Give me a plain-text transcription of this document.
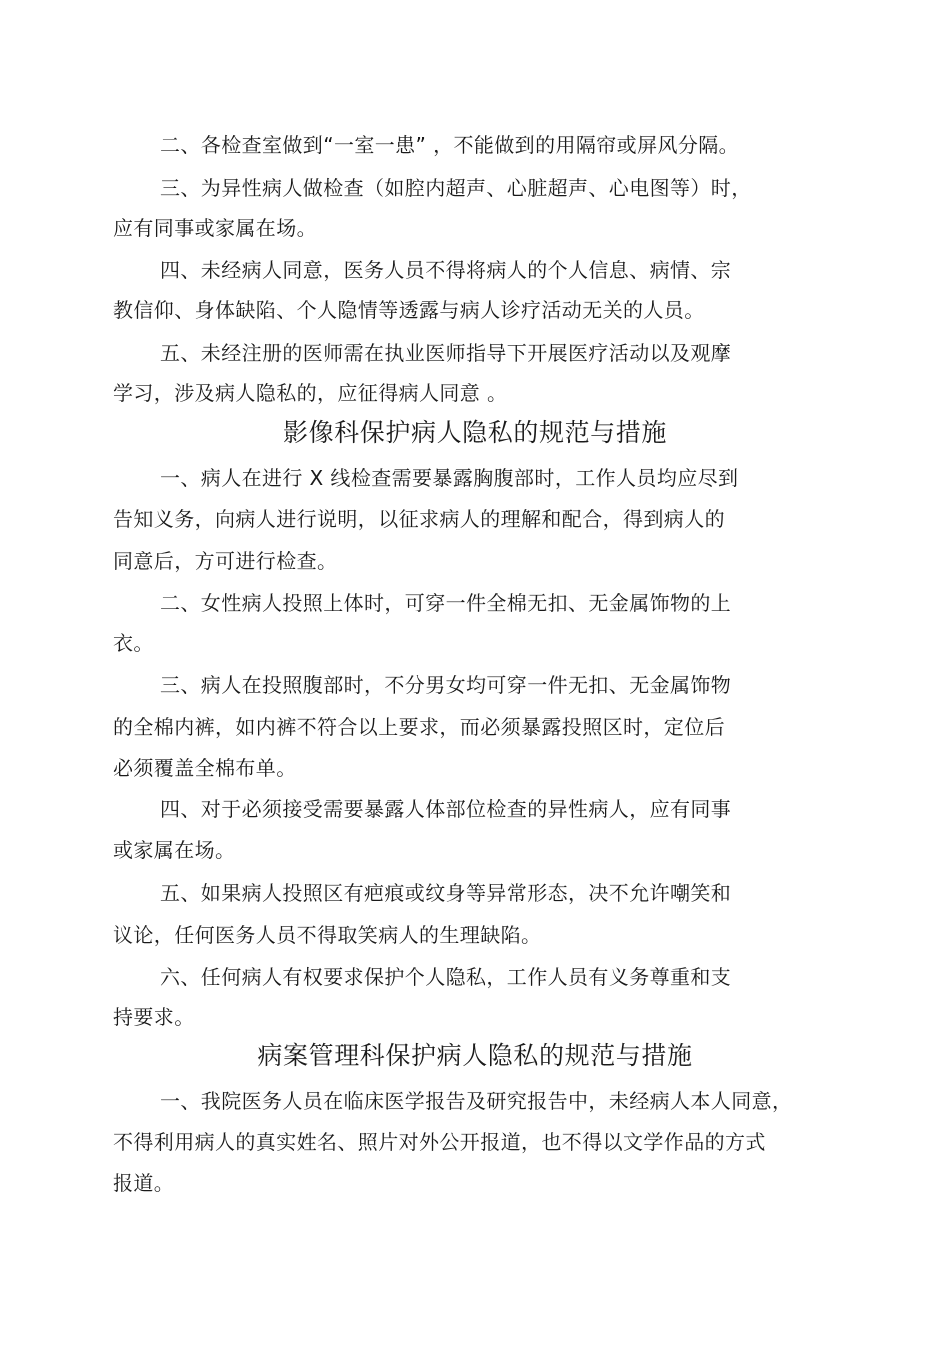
二、各检查室做到“一室一患” ，不能做到的用隔帘或屏风分隔。
三、为异性病人做检查（如腔内超声、心脏超声、心电图等）时，
应有同事或家属在场。
四、未经病人同意，医务人员不得将病人的个人信息、病情、宗
教信仰、身体缺陷、个人隐情等透露与病人诊疗活动无关的人员。
五、未经注册的医师需在执业医师指导下开展医疗活动以及观摩
学习，涉及病人隐私的，应征得病人同意 。
影像科保护病人隐私的规范与措施
一、病人在进行 X 线检查需要暴露胸腹部时，工作人员均应尽到
告知义务，向病人进行说明，以征求病人的理解和配合，得到病人的
同意后，方可进行检查。
二、女性病人投照上体时，可穿一件全棉无扣、无金属饰物的上
衣。
三、病人在投照腹部时，不分男女均可穿一件无扣、无金属饰物
的全棉内裤，如内裤不符合以上要求，而必须暴露投照区时，定位后
必须覆盖全棉布单。
四、对于必须接受需要暴露人体部位检查的异性病人，应有同事
或家属在场。
五、如果病人投照区有疤痕或纹身等异常形态，决不允许嘲笑和
议论，任何医务人员不得取笑病人的生理缺陷。
六、任何病人有权要求保护个人隐私，工作人员有义务尊重和支
持要求。
病案管理科保护病人隐私的规范与措施
一、我院医务人员在临床医学报告及研究报告中，未经病人本人同意，
不得利用病人的真实姓名、照片对外公开报道，也不得以文学作品的方式
报道。
